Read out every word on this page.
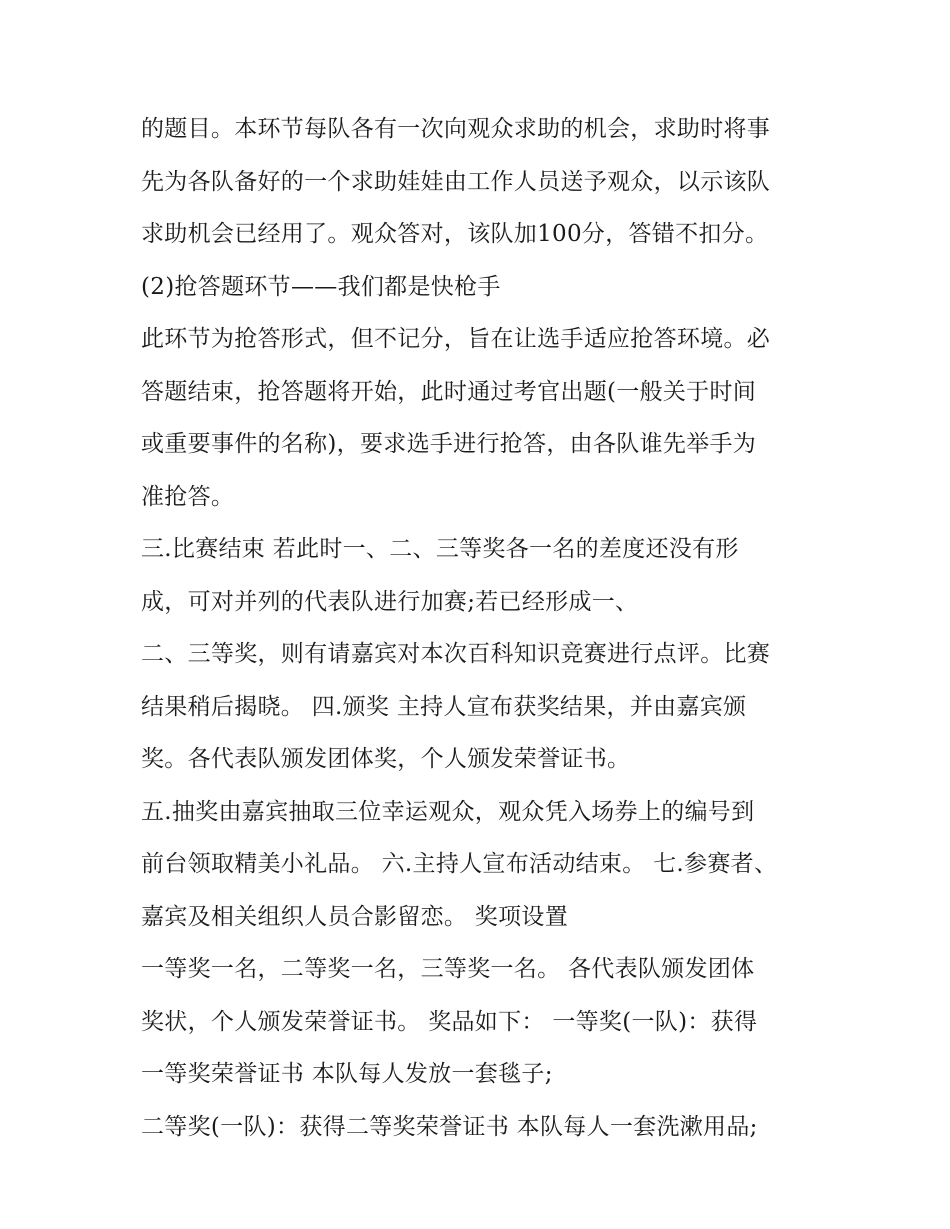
的题目。本环节每队各有一次向观众求助的机会，求助时将事
先为各队备好的一个求助娃娃由工作人员送予观众，以示该队
求助机会已经用了。观众答对，该队加100分，答错不扣分。
(2)抢答题环节——我们都是快枪手
此环节为抢答形式，但不记分，旨在让选手适应抢答环境。必
答题结束，抢答题将开始，此时通过考官出题(一般关于时间
或重要事件的名称)，要求选手进行抢答，由各队谁先举手为
准抢答。
三.比赛结束 若此时一、二、三等奖各一名的差度还没有形
成，可对并列的代表队进行加赛;若已经形成一、
二、三等奖，则有请嘉宾对本次百科知识竞赛进行点评。比赛
结果稍后揭晓。 四.颁奖 主持人宣布获奖结果，并由嘉宾颁
奖。各代表队颁发团体奖，个人颁发荣誉证书。
五.抽奖由嘉宾抽取三位幸运观众，观众凭入场券上的编号到
前台领取精美小礼品。 六.主持人宣布活动结束。 七.参赛者、
嘉宾及相关组织人员合影留恋。 奖项设置
一等奖一名，二等奖一名，三等奖一名。 各代表队颁发团体
奖状，个人颁发荣誉证书。 奖品如下： 一等奖(一队)：获得
一等奖荣誉证书 本队每人发放一套毯子;
二等奖(一队)：获得二等奖荣誉证书 本队每人一套洗漱用品;
